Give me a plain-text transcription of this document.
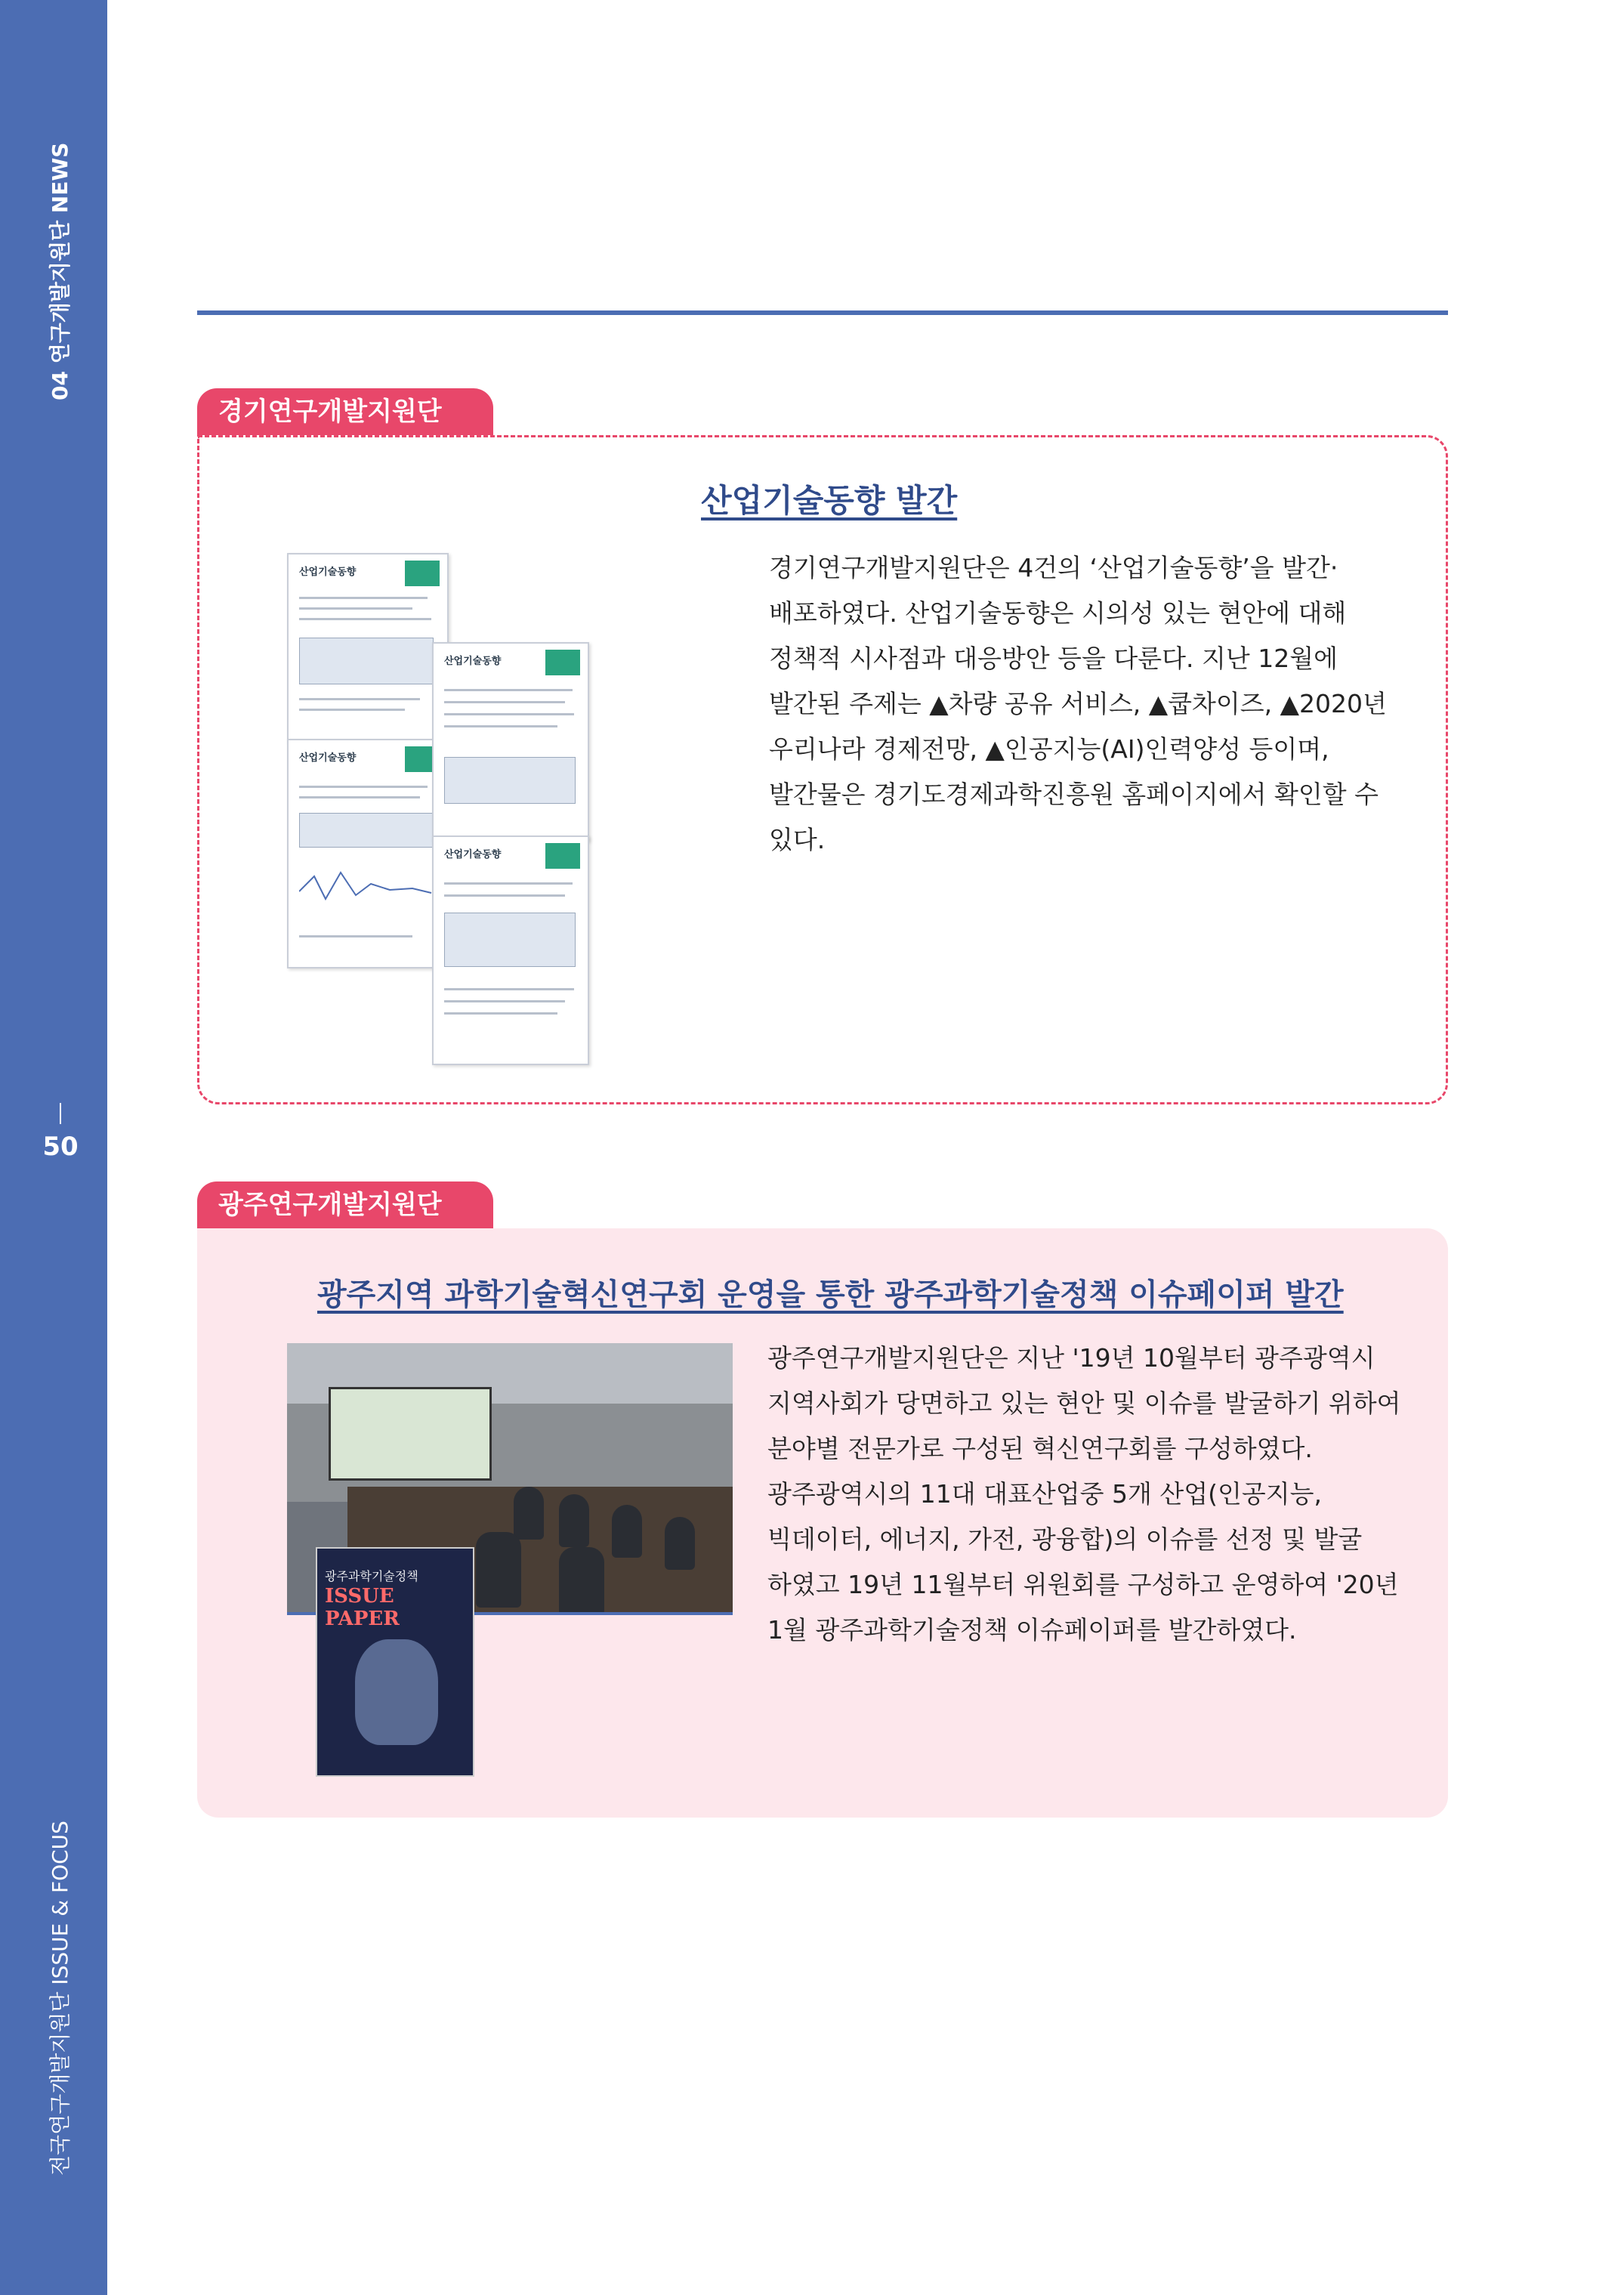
04 연구개발지원단 NEWS
50
전국연구개발지원단 ISSUE & FOCUS
경기연구개발지원단
산업기술동향 발간
산업기술동향
산업기술동향
산업기술동향
산업기술동향
경기연구개발지원단은 4건의 ‘산업기술동향’을 발간·
배포하였다. 산업기술동향은 시의성 있는 현안에 대해
정책적 시사점과 대응방안 등을 다룬다. 지난 12월에
발간된 주제는 ▲차량 공유 서비스, ▲쿱차이즈, ▲2020년
우리나라 경제전망, ▲인공지능(AI)인력양성 등이며,
발간물은 경기도경제과학진흥원 홈페이지에서 확인할 수
있다.
광주연구개발지원단
광주지역 과학기술혁신연구회 운영을 통한 광주과학기술정책 이슈페이퍼 발간
광주과학기술정책
ISSUE PAPER
광주연구개발지원단은 지난 '19년 10월부터 광주광역시
지역사회가 당면하고 있는 현안 및 이슈를 발굴하기 위하여
분야별 전문가로 구성된 혁신연구회를 구성하였다.
광주광역시의 11대 대표산업중 5개 산업(인공지능,
빅데이터, 에너지, 가전, 광융합)의 이슈를 선정 및 발굴
하였고 19년 11월부터 위원회를 구성하고 운영하여 '20년
1월 광주과학기술정책 이슈페이퍼를 발간하였다.
